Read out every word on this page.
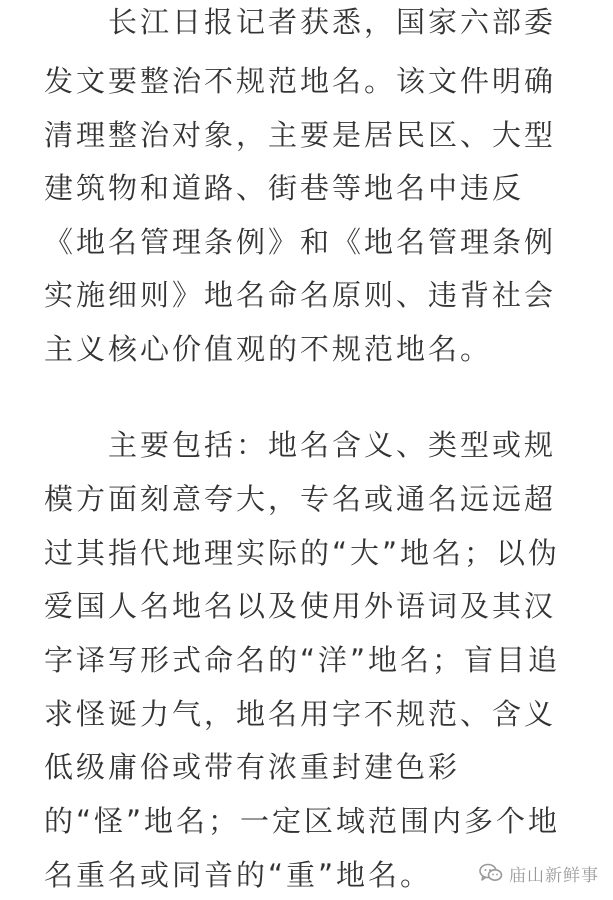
　　长江日报记者获悉，国家六部委
发文要整治不规范地名。该文件明确
清理整治对象，主要是居民区、大型
建筑物和道路、街巷等地名中违反
《地名管理条例》和《地名管理条例
实施细则》地名命名原则、违背社会
主义核心价值观的不规范地名。
　　主要包括：地名含义、类型或规
模方面刻意夸大，专名或通名远远超
过其指代地理实际的“大”地名；以伪
爱国人名地名以及使用外语词及其汉
字译写形式命名的“洋”地名；盲目追
求怪诞力气，地名用字不规范、含义
低级庸俗或带有浓重封建色彩
的“怪”地名；一定区域范围内多个地
名重名或同音的“重”地名。	庙山新鲜事
